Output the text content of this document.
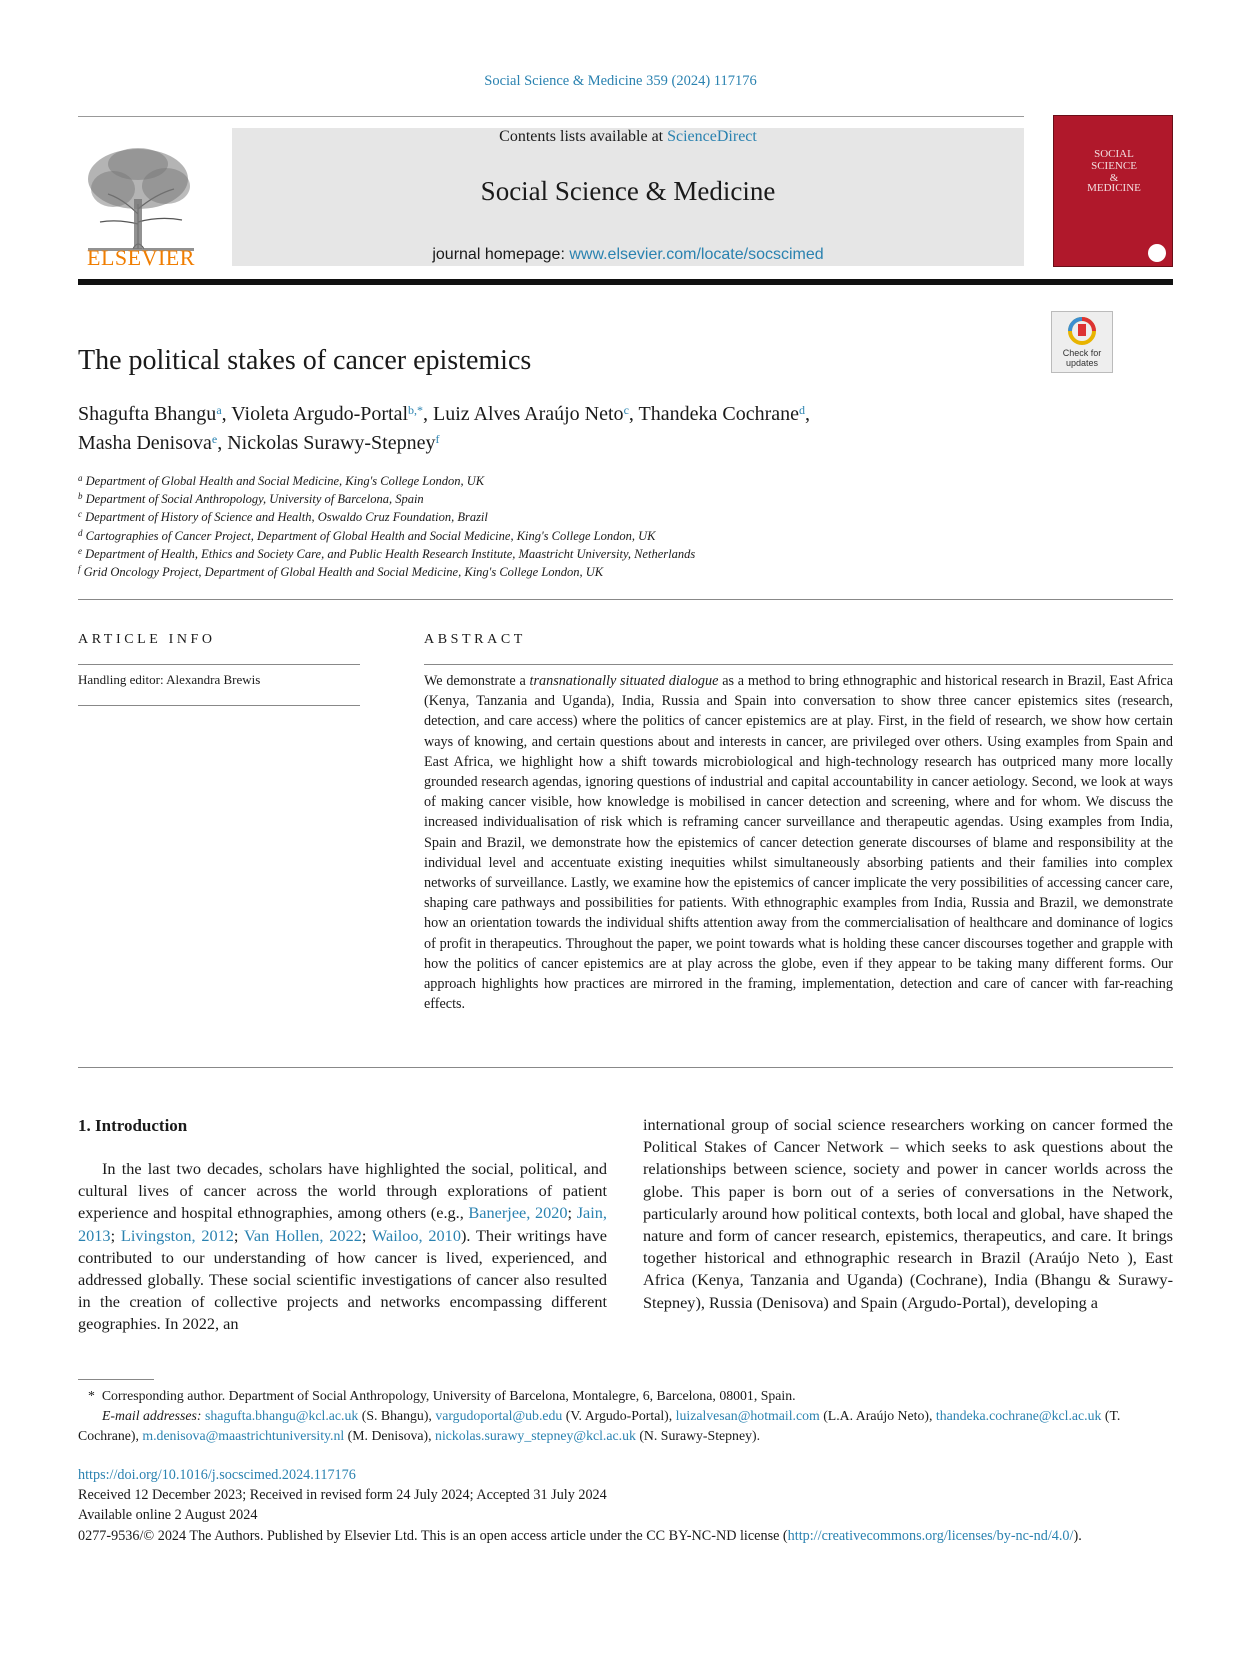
Social Science & Medicine 359 (2024) 117176
ELSEVIER
Contents lists available at ScienceDirect
Social Science & Medicine
journal homepage: www.elsevier.com/locate/socscimed
SOCIAL
SCIENCE
&
MEDICINE
Check for updates
The political stakes of cancer epistemics
Shagufta Bhangu$^a$, Violeta Argudo-Portal$^{b,*}$, Luiz Alves Araújo Neto$^c$, Thandeka Cochrane$^d$,
Masha Denisova$^e$, Nickolas Surawy-Stepney$^f$
$^a$ Department of Global Health and Social Medicine, King's College London, UK
$^b$ Department of Social Anthropology, University of Barcelona, Spain
$^c$ Department of History of Science and Health, Oswaldo Cruz Foundation, Brazil
$^d$ Cartographies of Cancer Project, Department of Global Health and Social Medicine, King's College London, UK
$^e$ Department of Health, Ethics and Society Care, and Public Health Research Institute, Maastricht University, Netherlands
$^f$ Grid Oncology Project, Department of Global Health and Social Medicine, King's College London, UK
ARTICLE INFO	ABSTRACT
Handling editor: Alexandra Brewis	We demonstrate a transnationally situated dialogue as a method to bring ethnographic and historical research in Brazil, East Africa (Kenya, Tanzania and Uganda), India, Russia and Spain into conversation to show three cancer epistemics sites (research, detection, and care access) where the politics of cancer epistemics are at play. First, in the field of research, we show how certain ways of knowing, and certain questions about and interests in cancer, are privileged over others. Using examples from Spain and East Africa, we highlight how a shift towards microbiological and high-technology research has outpriced many more locally grounded research agendas, ignoring questions of industrial and capital accountability in cancer aetiology. Second, we look at ways of making cancer visible, how knowledge is mobilised in cancer detection and screening, where and for whom. We discuss the increased individualisation of risk which is reframing cancer surveillance and therapeutic agendas. Using examples from India, Spain and Brazil, we demonstrate how the epistemics of cancer detection generate discourses of blame and responsibility at the individual level and accentuate existing inequities whilst simultaneously absorbing patients and their families into complex networks of surveillance. Lastly, we examine how the epistemics of cancer implicate the very possibilities of accessing cancer care, shaping care pathways and possibilities for patients. With ethnographic examples from India, Russia and Brazil, we demonstrate how an orientation towards the individual shifts attention away from the commercialisation of healthcare and dominance of logics of profit in therapeutics. Throughout the paper, we point towards what is holding these cancer discourses together and grapple with how the politics of cancer epistemics are at play across the globe, even if they appear to be taking many different forms. Our approach highlights how practices are mirrored in the framing, implementation, detection and care of cancer with far-reaching effects.
1. Introduction

In the last two decades, scholars have highlighted the social, political, and cultural lives of cancer across the world through explorations of patient experience and hospital ethnographies, among others (e.g., Banerjee, 2020; Jain, 2013; Livingston, 2012; Van Hollen, 2022; Wailoo, 2010). Their writings have contributed to our understanding of how cancer is lived, experienced, and addressed globally. These social scientific investigations of cancer also resulted in the creation of collective projects and networks encompassing different geographies. In 2022, an

international group of social science researchers working on cancer formed the Political Stakes of Cancer Network – which seeks to ask questions about the relationships between science, society and power in cancer worlds across the globe. This paper is born out of a series of conversations in the Network, particularly around how political contexts, both local and global, have shaped the nature and form of cancer research, epistemics, therapeutics, and care. It brings together historical and ethnographic research in Brazil (Araújo Neto ), East Africa (Kenya, Tanzania and Uganda) (Cochrane), India (Bhangu & Surawy-Stepney), Russia (Denisova) and Spain (Argudo-Portal), developing a

* Corresponding author. Department of Social Anthropology, University of Barcelona, Montalegre, 6, Barcelona, 08001, Spain.
E-mail addresses: shagufta.bhangu@kcl.ac.uk (S. Bhangu), vargudoportal@ub.edu (V. Argudo-Portal), luizalvesan@hotmail.com (L.A. Araújo Neto), thandeka.cochrane@kcl.ac.uk (T. Cochrane), m.denisova@maastrichtuniversity.nl (M. Denisova), nickolas.surawy_stepney@kcl.ac.uk (N. Surawy-Stepney).
https://doi.org/10.1016/j.socscimed.2024.117176
Received 12 December 2023; Received in revised form 24 July 2024; Accepted 31 July 2024
Available online 2 August 2024
0277-9536/© 2024 The Authors. Published by Elsevier Ltd. This is an open access article under the CC BY-NC-ND license (http://creativecommons.org/licenses/by-nc-nd/4.0/).
